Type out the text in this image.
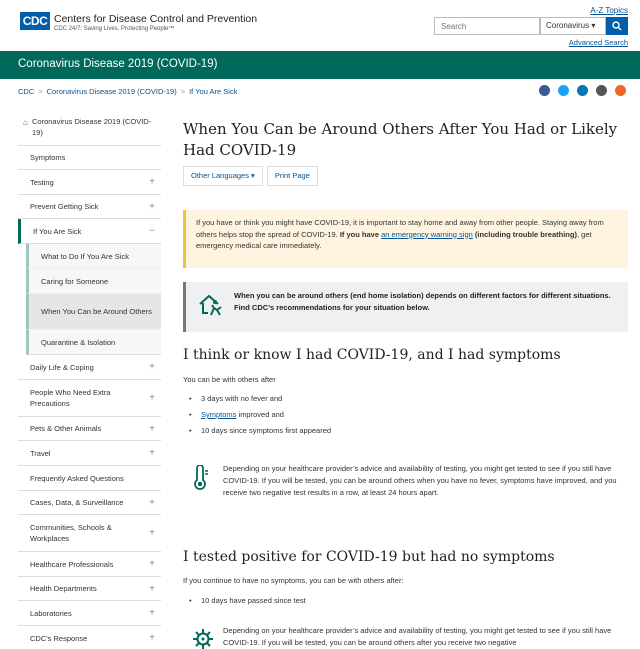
CDC Centers for Disease Control and Prevention
CDC 24/7: Saving Lives, Protecting People™
A-Z Topics
Search
Coronavirus ▾
Advanced Search
Coronavirus Disease 2019 (COVID-19)
CDC > Coronavirus Disease 2019 (COVID-19) > If You Are Sick
⌂ Coronavirus Disease 2019 (COVID-19)
Symptoms
Testing	+
Prevent Getting Sick	+
If You Are Sick	−
What to Do If You Are Sick
Caring for Someone
When You Can be Around Others
Quarantine & Isolation
Daily Life & Coping	+
People Who Need Extra Precautions	+
Pets & Other Animals	+
Travel	+
Frequently Asked Questions
Cases, Data, & Surveillance	+
Communities, Schools & Workplaces	+
Healthcare Professionals	+
Health Departments	+
Laboratories	+
CDC's Response	+
When You Can be Around Others After You Had or Likely Had COVID-19
Other Languages ▾	Print Page
If you have or think you might have COVID-19, it is important to stay home and away from other people. Staying away from others helps stop the spread of COVID-19. If you have an emergency warning sign (including trouble breathing), get emergency medical care immediately.
When you can be around others (end home isolation) depends on different factors for different situations. Find CDC’s recommendations for your situation below.
I think or know I had COVID-19, and I had symptoms
You can be with others after
• 3 days with no fever and
• Symptoms improved and
• 10 days since symptoms first appeared
Depending on your healthcare provider’s advice and availability of testing, you might get tested to see if you still have COVID-19. If you will be tested, you can be around others when you have no fever, symptoms have improved, and you receive two negative test results in a row, at least 24 hours apart.
I tested positive for COVID-19 but had no symptoms
If you continue to have no symptoms, you can be with others after:
• 10 days have passed since test
Depending on your healthcare provider’s advice and availability of testing, you might get tested to see if you still have COVID-19. If you will be tested, you can be around others after you receive two negative
